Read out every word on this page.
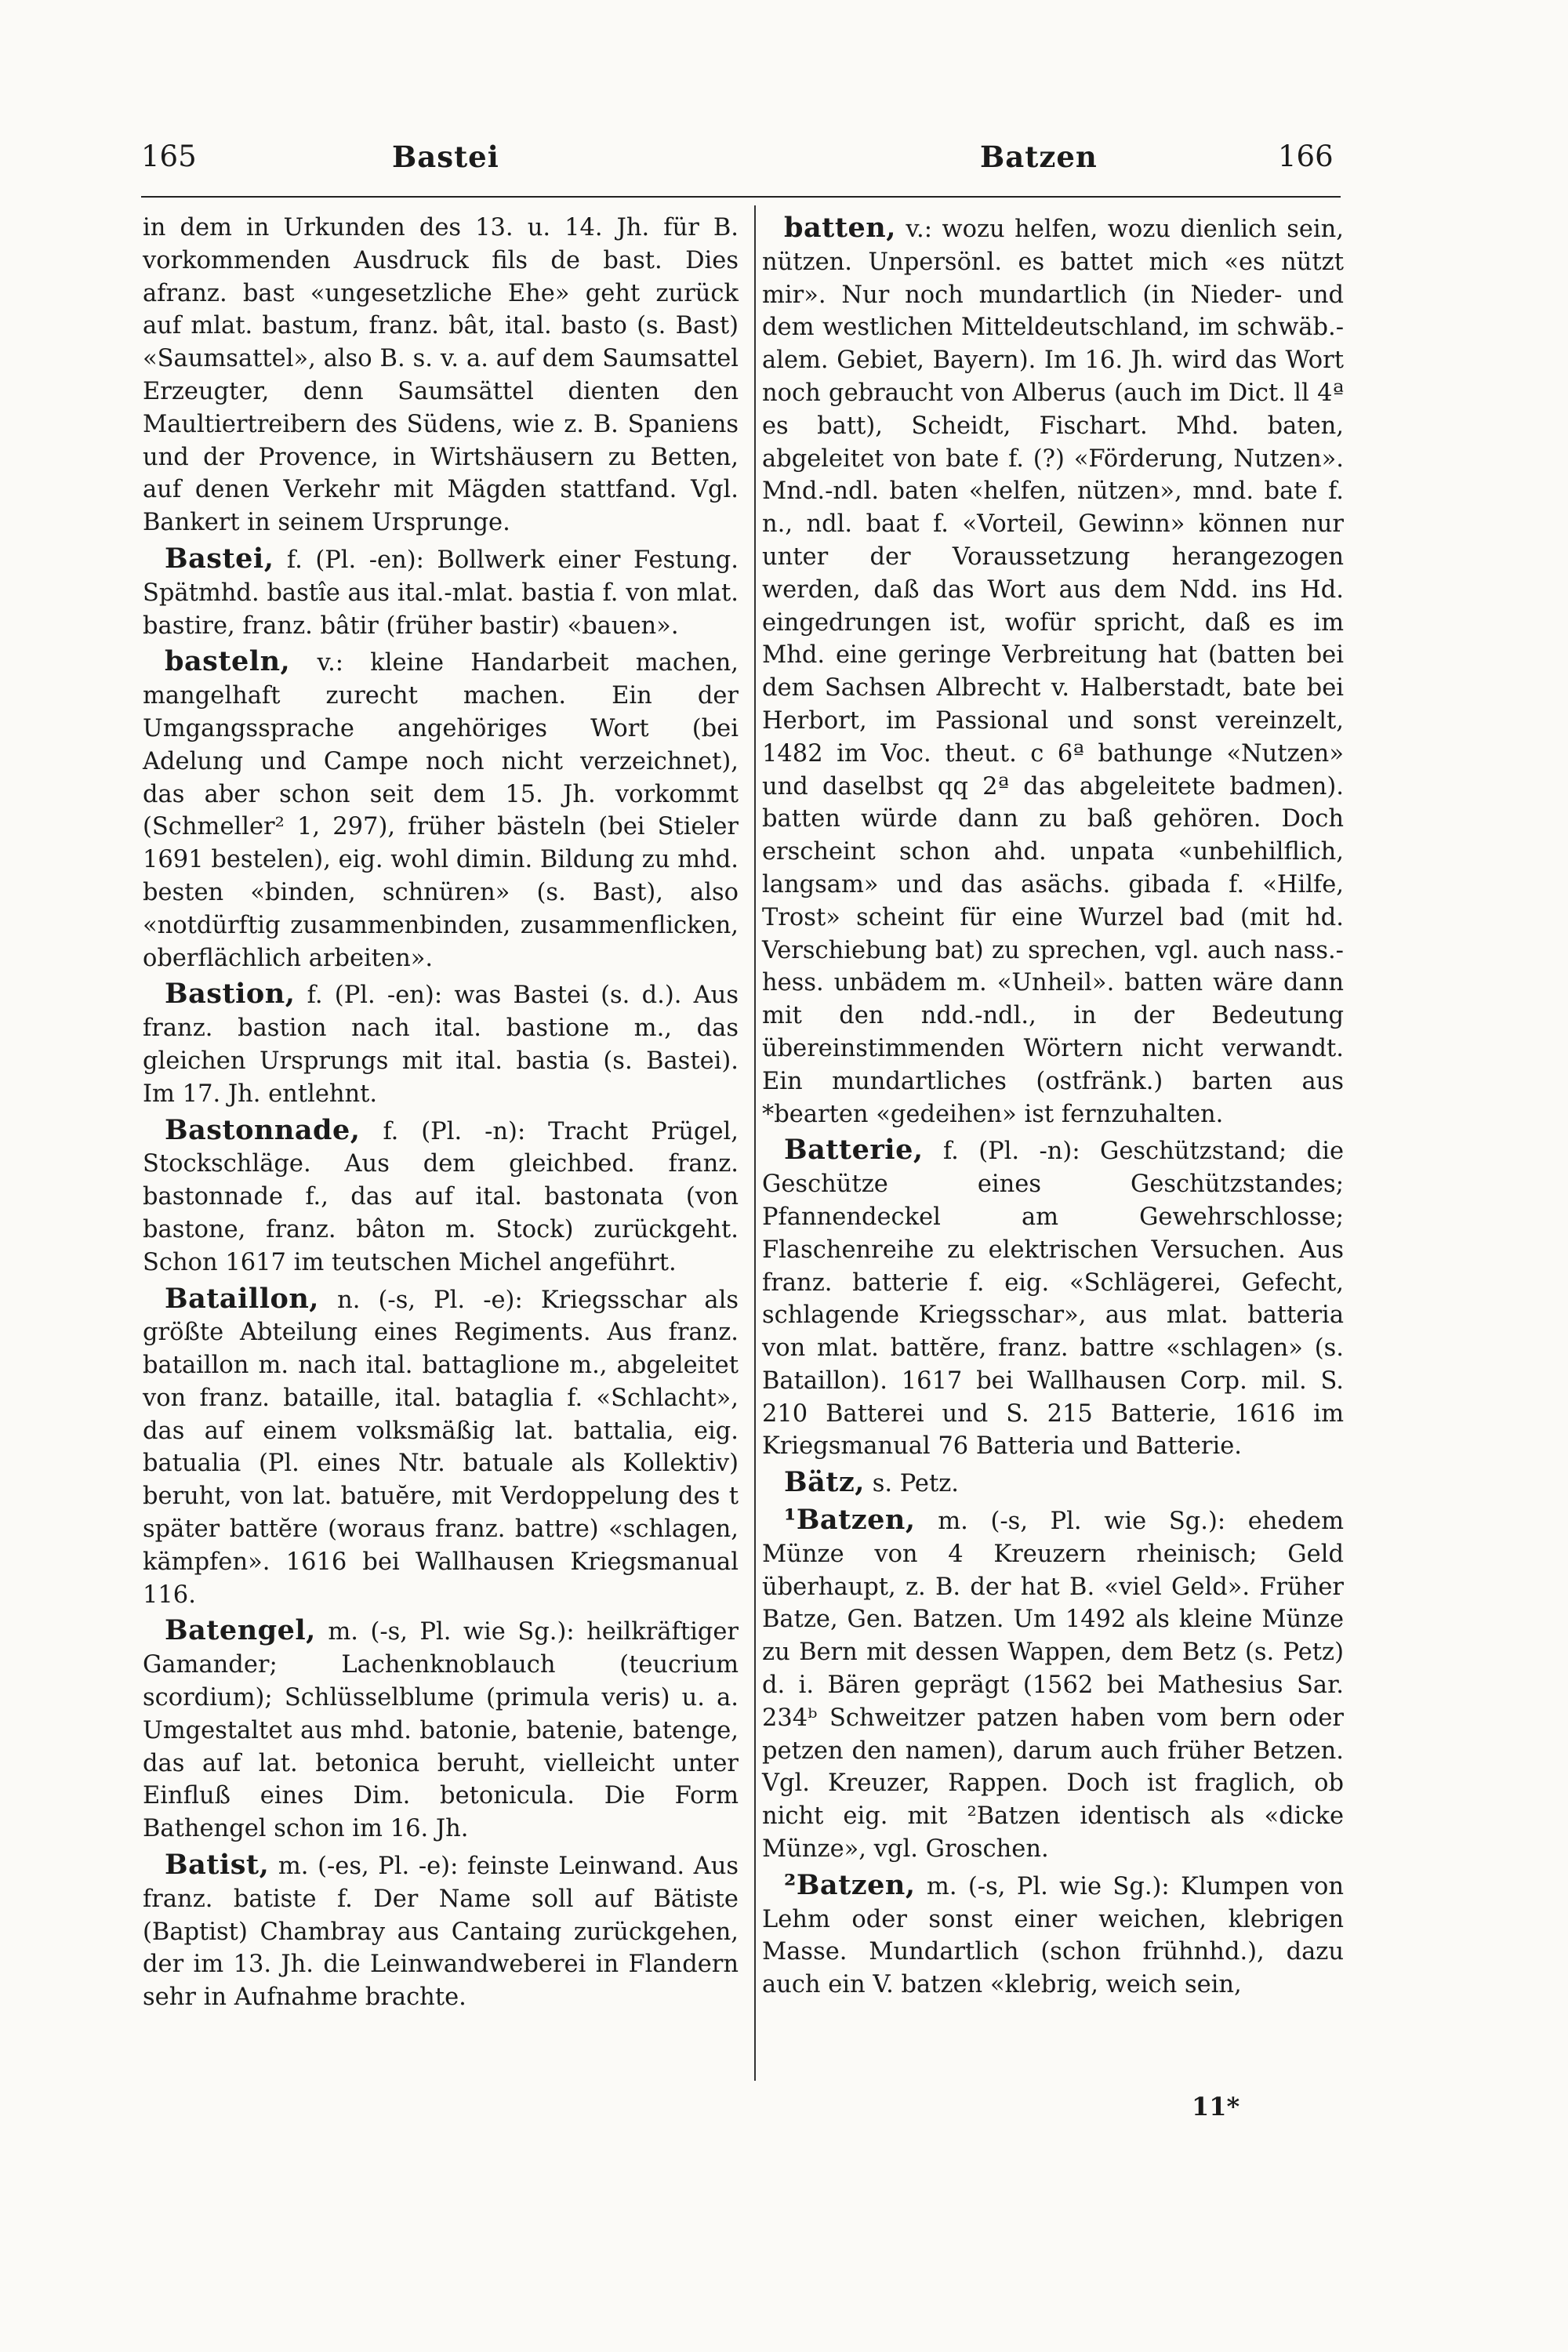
165	Bastei	Batzen	166

in dem in Urkunden des 13. u. 14. Jh. für B. vorkommenden Ausdruck fils de bast. Dies afranz. bast «ungesetzliche Ehe» geht zurück auf mlat. bastum, franz. bât, ital. basto (s. Bast) «Saumsattel», also B. s. v. a. auf dem Saumsattel Erzeugter, denn Saumsättel dienten den Maultiertreibern des Südens, wie z. B. Spaniens und der Provence, in Wirtshäusern zu Betten, auf denen Verkehr mit Mägden stattfand. Vgl. Bankert in seinem Ursprunge.

Bastei, f. (Pl. -en): Bollwerk einer Festung. Spätmhd. bastîe aus ital.-mlat. bastia f. von mlat. bastire, franz. bâtir (früher bastir) «bauen».

basteln, v.: kleine Handarbeit machen, mangelhaft zurecht machen. Ein der Umgangssprache angehöriges Wort (bei Adelung und Campe noch nicht verzeichnet), das aber schon seit dem 15. Jh. vorkommt (Schmeller² 1, 297), früher bästeln (bei Stieler 1691 bestelen), eig. wohl dimin. Bildung zu mhd. besten «binden, schnüren» (s. Bast), also «notdürftig zusammenbinden, zusammenflicken, oberflächlich arbeiten».

Bastion, f. (Pl. -en): was Bastei (s. d.). Aus franz. bastion nach ital. bastione m., das gleichen Ursprungs mit ital. bastia (s. Bastei). Im 17. Jh. entlehnt.

Bastonnade, f. (Pl. -n): Tracht Prügel, Stockschläge. Aus dem gleichbed. franz. bastonnade f., das auf ital. bastonata (von bastone, franz. bâton m. Stock) zurückgeht. Schon 1617 im teutschen Michel angeführt.

Bataillon, n. (-s, Pl. -e): Kriegsschar als größte Abteilung eines Regiments. Aus franz. bataillon m. nach ital. battaglione m., abgeleitet von franz. bataille, ital. bataglia f. «Schlacht», das auf einem volksmäßig lat. battalia, eig. batualia (Pl. eines Ntr. batuale als Kollektiv) beruht, von lat. batuĕre, mit Verdoppelung des t später battĕre (woraus franz. battre) «schlagen, kämpfen». 1616 bei Wallhausen Kriegsmanual 116.

Batengel, m. (-s, Pl. wie Sg.): heilkräftiger Gamander; Lachenknoblauch (teucrium scordium); Schlüsselblume (primula veris) u. a. Umgestaltet aus mhd. batonie, batenie, batenge, das auf lat. betonica beruht, vielleicht unter Einfluß eines Dim. betonicula. Die Form Bathengel schon im 16. Jh.

Batist, m. (-es, Pl. -e): feinste Leinwand. Aus franz. batiste f. Der Name soll auf Bätiste (Baptist) Chambray aus Cantaing zurückgehen, der im 13. Jh. die Leinwandweberei in Flandern sehr in Aufnahme brachte.

batten, v.: wozu helfen, wozu dienlich sein, nützen. Unpersönl. es battet mich «es nützt mir». Nur noch mundartlich (in Nieder- und dem westlichen Mitteldeutschland, im schwäb.-alem. Gebiet, Bayern). Im 16. Jh. wird das Wort noch gebraucht von Alberus (auch im Dict. ll 4ª es batt), Scheidt, Fischart. Mhd. baten, abgeleitet von bate f. (?) «Förderung, Nutzen». Mnd.-ndl. baten «helfen, nützen», mnd. bate f. n., ndl. baat f. «Vorteil, Gewinn» können nur unter der Voraussetzung herangezogen werden, daß das Wort aus dem Ndd. ins Hd. eingedrungen ist, wofür spricht, daß es im Mhd. eine geringe Verbreitung hat (batten bei dem Sachsen Albrecht v. Halberstadt, bate bei Herbort, im Passional und sonst vereinzelt, 1482 im Voc. theut. c 6ª bathunge «Nutzen» und daselbst qq 2ª das abgeleitete badmen). batten würde dann zu baß gehören. Doch erscheint schon ahd. unpata «unbehilflich, langsam» und das asächs. gibada f. «Hilfe, Trost» scheint für eine Wurzel bad (mit hd. Verschiebung bat) zu sprechen, vgl. auch nass.-hess. unbädem m. «Unheil». batten wäre dann mit den ndd.-ndl., in der Bedeutung übereinstimmenden Wörtern nicht verwandt. Ein mundartliches (ostfränk.) barten aus *bearten «gedeihen» ist fernzuhalten.

Batterie, f. (Pl. -n): Geschützstand; die Geschütze eines Geschützstandes; Pfannendeckel am Gewehrschlosse; Flaschenreihe zu elektrischen Versuchen. Aus franz. batterie f. eig. «Schlägerei, Gefecht, schlagende Kriegsschar», aus mlat. batteria von mlat. battĕre, franz. battre «schlagen» (s. Bataillon). 1617 bei Wallhausen Corp. mil. S. 210 Batterei und S. 215 Batterie, 1616 im Kriegsmanual 76 Batteria und Batterie.

Bätz, s. Petz.

¹Batzen, m. (-s, Pl. wie Sg.): ehedem Münze von 4 Kreuzern rheinisch; Geld überhaupt, z. B. der hat B. «viel Geld». Früher Batze, Gen. Batzen. Um 1492 als kleine Münze zu Bern mit dessen Wappen, dem Betz (s. Petz) d. i. Bären geprägt (1562 bei Mathesius Sar. 234ᵇ Schweitzer patzen haben vom bern oder petzen den namen), darum auch früher Betzen. Vgl. Kreuzer, Rappen. Doch ist fraglich, ob nicht eig. mit ²Batzen identisch als «dicke Münze», vgl. Groschen.

²Batzen, m. (-s, Pl. wie Sg.): Klumpen von Lehm oder sonst einer weichen, klebrigen Masse. Mundartlich (schon frühnhd.), dazu auch ein V. batzen «klebrig, weich sein,

11*
